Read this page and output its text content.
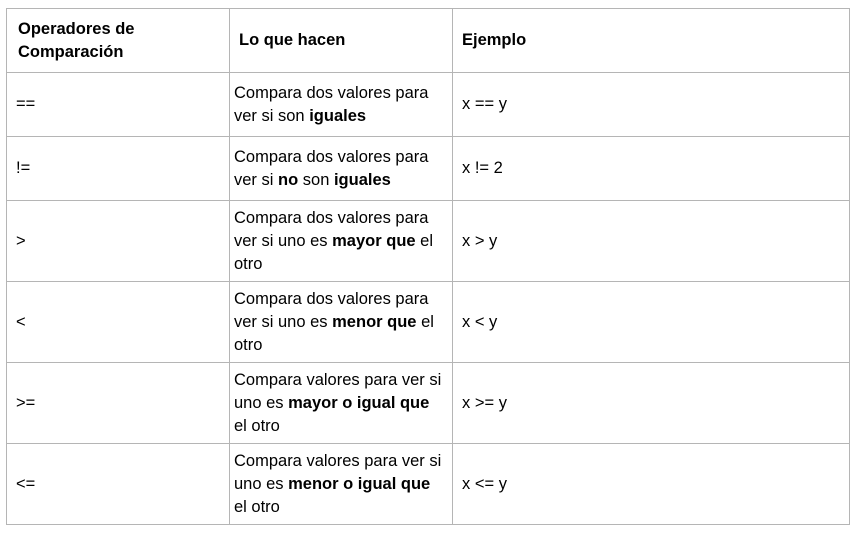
Operadores de Comparación	Lo que hacen	Ejemplo
==	Compara dos valores para ver si son iguales	x == y
!=	Compara dos valores para ver si no son iguales	x != 2
>	Compara dos valores para ver si uno es mayor que el otro	x > y
<	Compara dos valores para ver si uno es menor que el otro	x < y
>=	Compara valores para ver si uno es mayor o igual que el otro	x >= y
<=	Compara valores para ver si uno es menor o igual que el otro	x <= y
